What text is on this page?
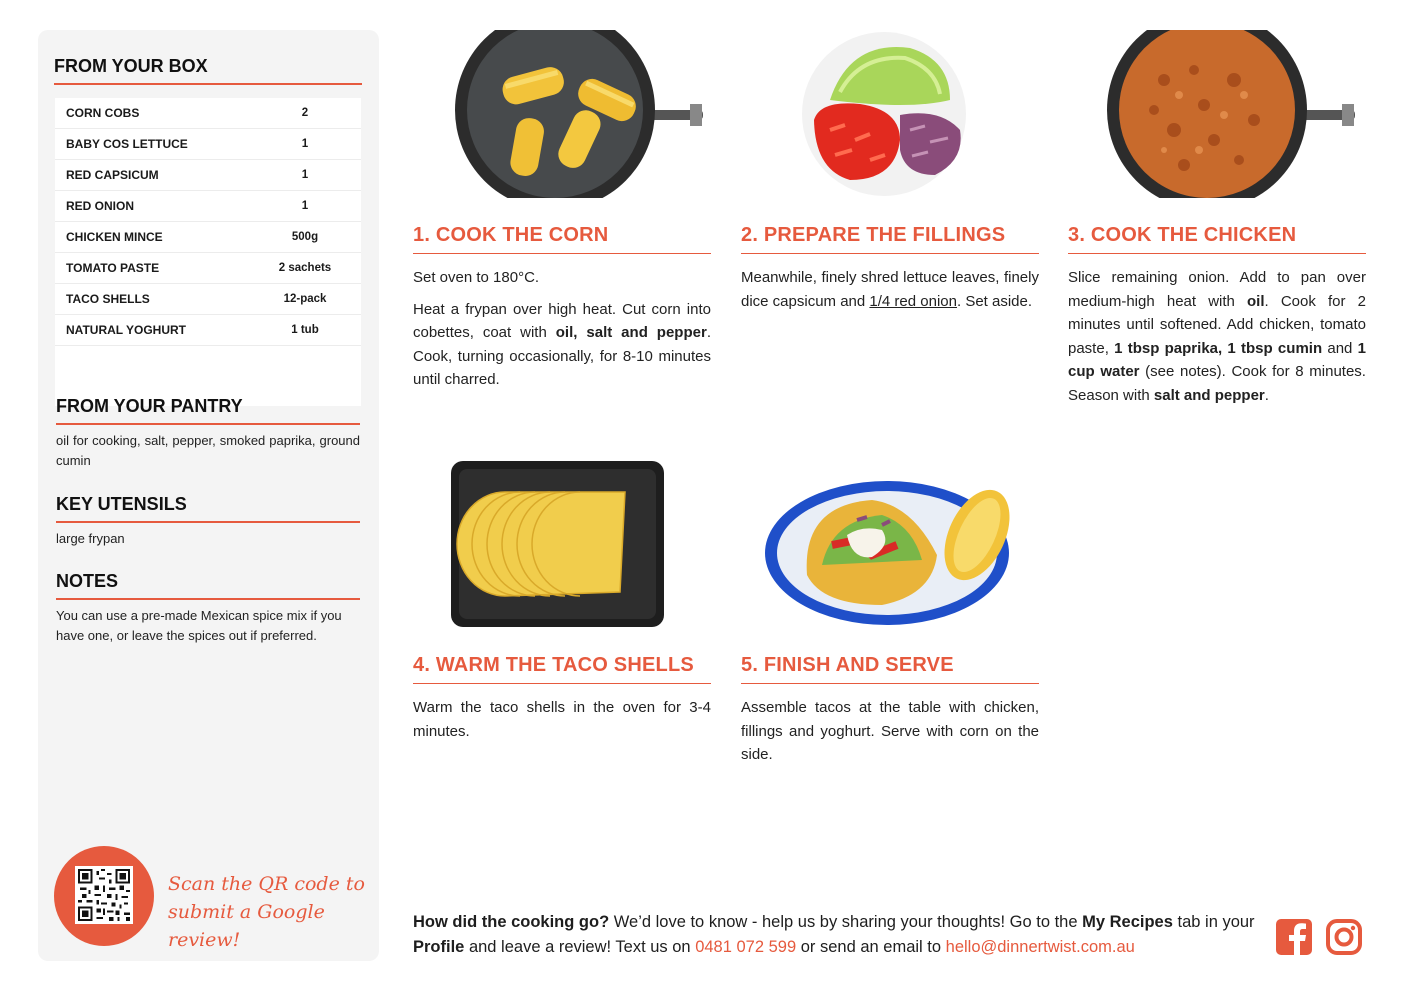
FROM YOUR BOX
CORN COBS	2
BABY COS LETTUCE	1
RED CAPSICUM	1
RED ONION	1
CHICKEN MINCE	500g
TOMATO PASTE	2 sachets
TACO SHELLS	12-pack
NATURAL YOGHURT	1 tub
FROM YOUR PANTRY
oil for cooking, salt, pepper, smoked paprika, ground cumin
KEY UTENSILS
large frypan
NOTES
You can use a pre-made Mexican spice mix if you have one, or leave the spices out if preferred.
Scan the QR code to
submit a Google review!
1. COOK THE CORN

Set oven to 180°C.

Heat a frypan over high heat. Cut corn into cobettes, coat with oil, salt and pepper. Cook, turning occasionally, for 8-10 minutes until charred.

2. PREPARE THE FILLINGS

Meanwhile, finely shred lettuce leaves, finely dice capsicum and 1/4 red onion. Set aside.

3. COOK THE CHICKEN

Slice remaining onion. Add to pan over medium-high heat with oil. Cook for 2 minutes until softened. Add chicken, tomato paste, 1 tbsp paprika, 1 tbsp cumin and 1 cup water (see notes). Cook for 8 minutes. Season with salt and pepper.

4. WARM THE TACO SHELLS

Warm the taco shells in the oven for 3-4 minutes.

5. FINISH AND SERVE

Assemble tacos at the table with chicken, fillings and yoghurt. Serve with corn on the side.

How did the cooking go? We’d love to know - help us by sharing your thoughts! Go to the My Recipes tab in your Profile and leave a review! Text us on 0481 072 599 or send an email to hello@dinnertwist.com.au
